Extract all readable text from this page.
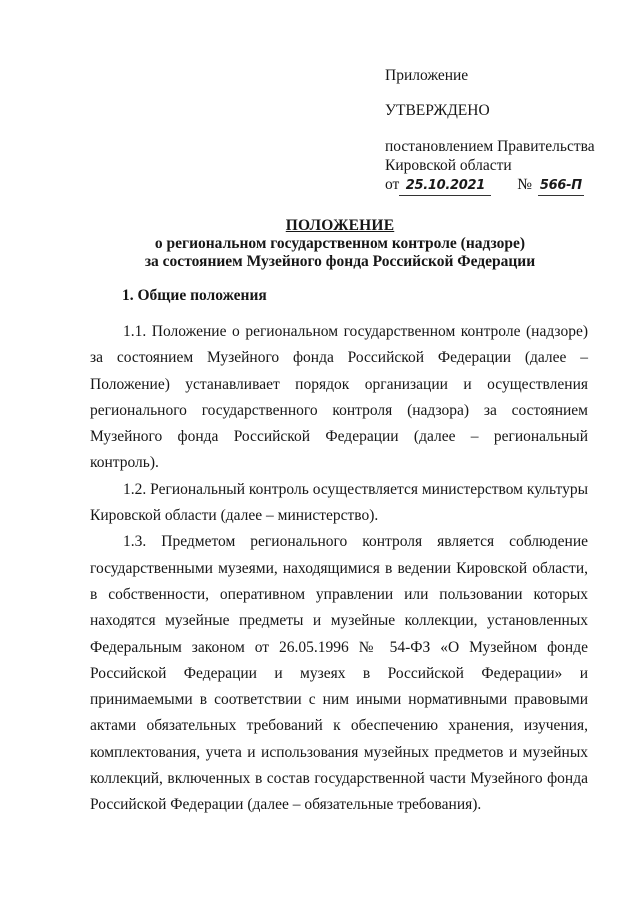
Приложение
УТВЕРЖДЕНО
постановлением Правительства
Кировской области
от 25.10.2021 № 566-П
ПОЛОЖЕНИЕ
о региональном государственном контроле (надзоре)
за состоянием Музейного фонда Российской Федерации
1. Общие положения

1.1. Положение о региональном государственном контроле (надзоре) за состоянием Музейного фонда Российской Федерации (далее – Положение) устанавливает порядок организации и осуществления регионального государственного контроля (надзора) за состоянием Музейного фонда Российской Федерации (далее – региональный контроль).

1.2. Региональный контроль осуществляется министерством культуры Кировской области (далее – министерство).

1.3. Предметом регионального контроля является соблюдение государственными музеями, находящимися в ведении Кировской области, в собственности, оперативном управлении или пользовании которых находятся музейные предметы и музейные коллекции, установленных Федеральным законом от 26.05.1996 № 54-ФЗ «О Музейном фонде Российской Федерации и музеях в Российской Федерации» и принимаемыми в соответствии с ним иными нормативными правовыми актами обязательных требований к обеспечению хранения, изучения, комплектования, учета и использования музейных предметов и музейных коллекций, включенных в состав государственной части Музейного фонда Российской Федерации (далее – обязательные требования).
